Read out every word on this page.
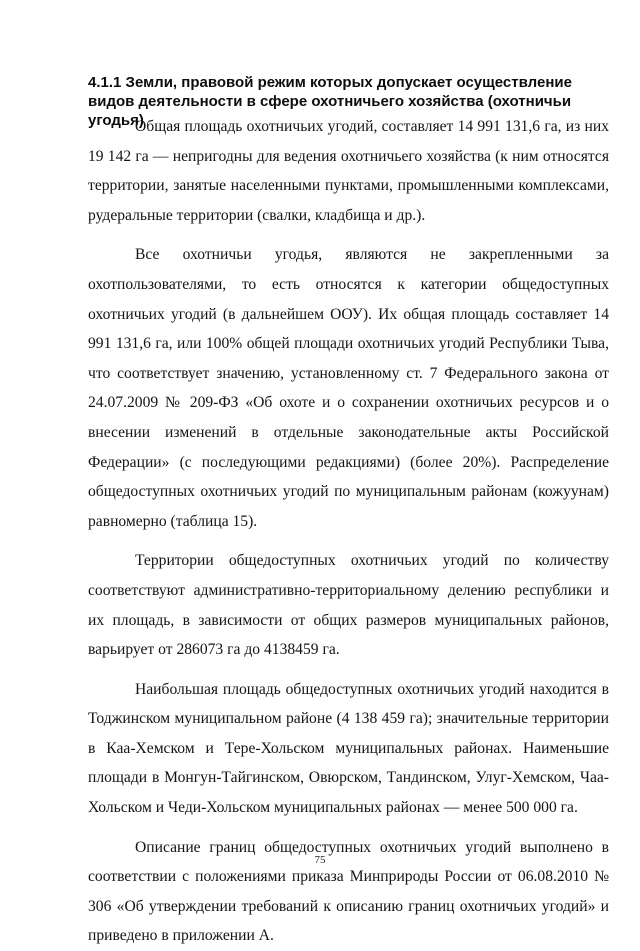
4.1.1 Земли, правовой режим которых допускает осуществление видов деятельности в сфере охотничьего хозяйства (охотничьи угодья)

Общая площадь охотничьих угодий, составляет 14 991 131,6 га, из них 19 142 га — непригодны для ведения охотничьего хозяйства (к ним относятся территории, занятые населенными пунктами, промышленными комплексами, рудеральные территории (свалки, кладбища и др.).

Все охотничьи угодья, являются не закрепленными за охотпользователями, то есть относятся к категории общедоступных охотничьих угодий (в дальнейшем ООУ). Их общая площадь составляет 14 991 131,6 га, или 100% общей площади охотничьих угодий Республики Тыва, что соответствует значению, установленному ст. 7 Федерального закона от 24.07.2009 № 209-ФЗ «Об охоте и о сохранении охотничьих ресурсов и о внесении изменений в отдельные законодательные акты Российской Федерации» (с последующими редакциями) (более 20%). Распределение общедоступных охотничьих угодий по муниципальным районам (кожуунам) равномерно (таблица 15).

Территории общедоступных охотничьих угодий по количеству соответствуют административно-территориальному делению республики и их площадь, в зависимости от общих размеров муниципальных районов, варьирует от 286073 га до 4138459 га.

Наибольшая площадь общедоступных охотничьих угодий находится в Тоджинском муниципальном районе (4 138 459 га); значительные территории в Каа-Хемском и Тере-Хольском муниципальных районах. Наименьшие площади в Монгун-Тайгинском, Овюрском, Тандинском, Улуг-Хемском, Чаа-Хольском и Чеди-Хольском муниципальных районах — менее 500 000 га.

Описание границ общедоступных охотничьих угодий выполнено в соответствии с положениями приказа Минприроды России от 06.08.2010 № 306 «Об утверждении требований к описанию границ охотничьих угодий» и приведено в приложении А.

75
